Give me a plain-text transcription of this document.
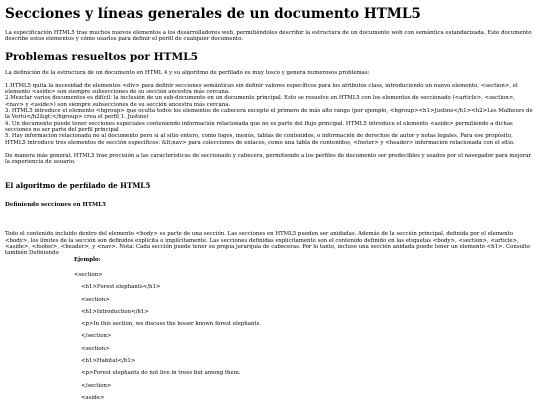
Secciones y líneas generales de un documento HTML5

La especificación HTML5 trae muchos nuevos elementos a los desarrolladores web, permitiéndoles describir la estructura de un documento web con semántica estandarizada. Este documento describe estos elementos y cómo usarlos para definir el perfil de cualquier documento.

Problemas resueltos por HTML5

La definición de la estructura de un documento en HTML 4 y su algoritmo de perfilado es muy tosco y genera numerosos problemas:

1.HTML5 quita la necesidad de elementos <div> para definir secciones semánticas sin definir valores específicos para los atributos class, introduciendo un nuevo elemento, <section>, el elemento <aside> son siempre subsecciones de su sección ancestra más cercana.
2.Mezclar varios documentos es difícil: la inclusión de un sub-documento en un documento principal. Esto se resuelve en HTML5 con los elementos de seccionado (<article>, <section>, <nav> y <aside>) son siempre subsecciones de su sección ancestra más cercana.
3. HTML5 introduce el elemento <hgroup> que oculta todos los elementos de cabecera excepto el primero de más alto rango (por ejemplo, <hgroup><h1>Justine</h1><h2>Les Malheurs de la Vertu</h2&gt;</hgroup> crea el perfil 1. Justine)
4. Un documento puede tener secciones especiales conteniendo información relacionada que no es parte del flujo principal. HTML5 introduce el elemento <aside> permitiendo a dichas secciones no ser parte del perfil principal
5. Hay información relacionada no al documento pero si al sitio entero, como logos, menús, tablas de contenidos, o información de derechos de autor y notas legales. Para ese propósito, HTML5 introduce tres elementos de sección específicos: &lt;nav> para colecciones de enlaces, como una tabla de contenidos, <footer> y <header> información relacionada con el sitio.

De manera más general, HTML5 trae precisión a las características de seccionado y cabecera, permitiendo a los perfiles de documento ser predecibles y usados por el navegador para mejorar la experiencia de usuario.

El algoritmo de perfilado de HTML5
Definiendo secciones en HTML5

Todo el contenido incluido dentro del elemento <body> es parte de una sección. Las secciones en HTML5 pueden ser anidadas. Además de la sección principal, definida por el elemento <body>, los límites de la sección son definidos explícita o implícitamente. Las secciones definidas explícitamente son el contenido definido en las etiquetas <body>, <section>, <article>, <aside>, <footer>, <header>, y <nav>. Nota: Cada sección puede tener su propia jerarquía de cabeceras. Por lo tanto, incluso una sección anidada puede tener un elemento <h1>. Consulte también Definiendo

Ejemplo:
<section>
<h1>Forest elephants</h1>
<section>
<h1>Introduction</h1>
<p>In this section, we discuss the lesser known forest elephants.
</section>
<section>
<h1>Habitat</h1>
<p>Forest elephants do not live in trees but among them.
</section>
<aside>
